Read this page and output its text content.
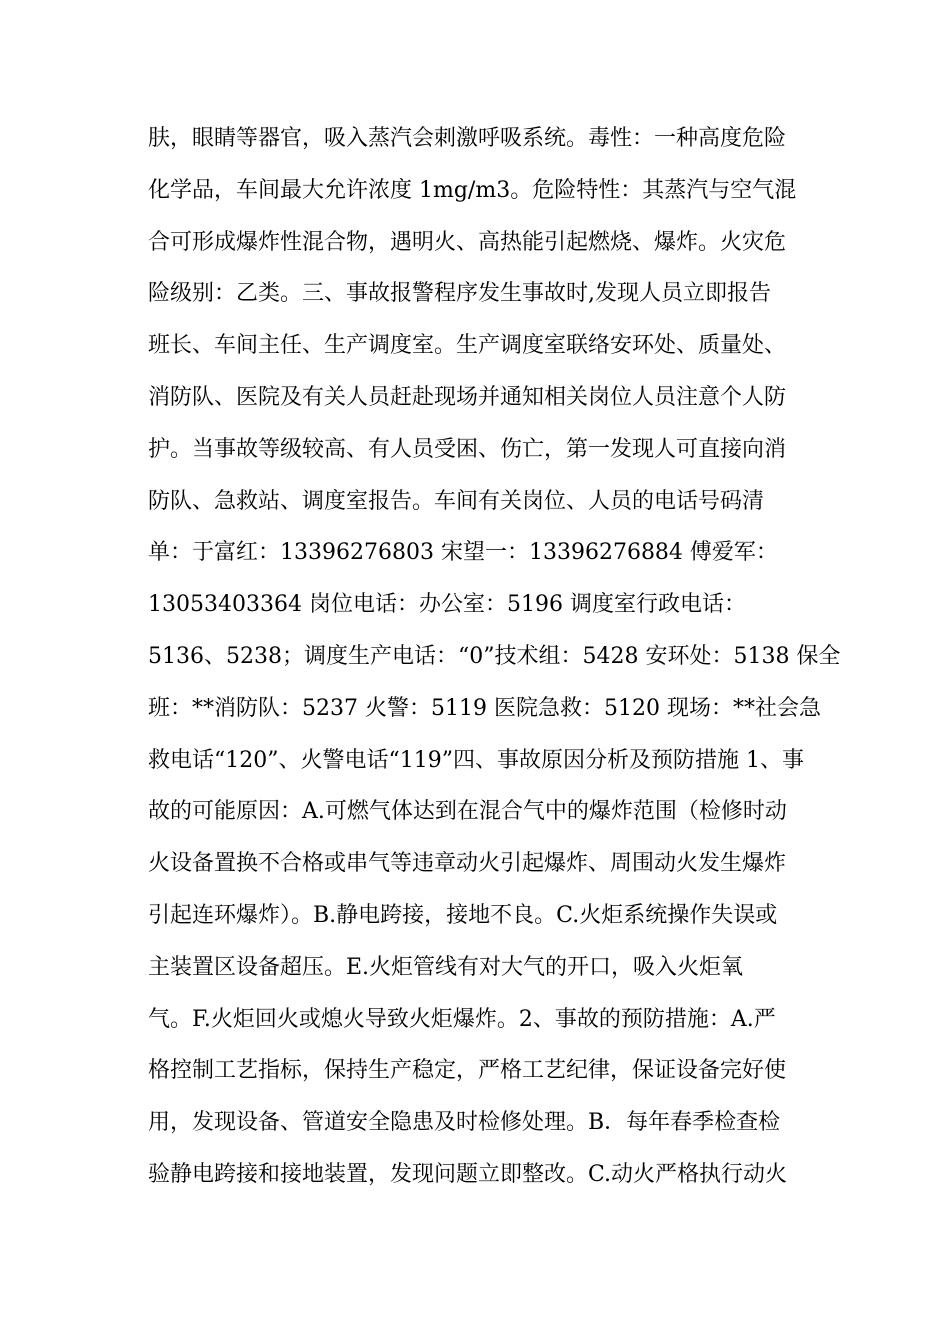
肤，眼睛等器官，吸入蒸汽会刺激呼吸系统。毒性：一种高度危险
化学品，车间最大允许浓度 1mg/m3。危险特性：其蒸汽与空气混
合可形成爆炸性混合物，遇明火、高热能引起燃烧、爆炸。火灾危
险级别：乙类。三、事故报警程序发生事故时,发现人员立即报告
班长、车间主任、生产调度室。生产调度室联络安环处、质量处、
消防队、医院及有关人员赶赴现场并通知相关岗位人员注意个人防
护。当事故等级较高、有人员受困、伤亡，第一发现人可直接向消
防队、急救站、调度室报告。车间有关岗位、人员的电话号码清
单：于富红：13396276803 宋望一：13396276884 傅爱军：
13053403364 岗位电话：办公室：5196 调度室行政电话：
5136、5238；调度生产电话：“0”技术组：5428 安环处：5138 保全
班：**消防队：5237 火警：5119 医院急救：5120 现场：**社会急
救电话“120”、火警电话“119”四、事故原因分析及预防措施 1、事
故的可能原因：A.可燃气体达到在混合气中的爆炸范围（检修时动
火设备置换不合格或串气等违章动火引起爆炸、周围动火发生爆炸
引起连环爆炸）。B.静电跨接，接地不良。C.火炬系统操作失误或
主装置区设备超压。E.火炬管线有对大气的开口，吸入火炬氧
气。F.火炬回火或熄火导致火炬爆炸。2、事故的预防措施：A.严
格控制工艺指标，保持生产稳定，严格工艺纪律，保证设备完好使
用，发现设备、管道安全隐患及时检修处理。B．每年春季检查检
验静电跨接和接地装置，发现问题立即整改。C.动火严格执行动火
